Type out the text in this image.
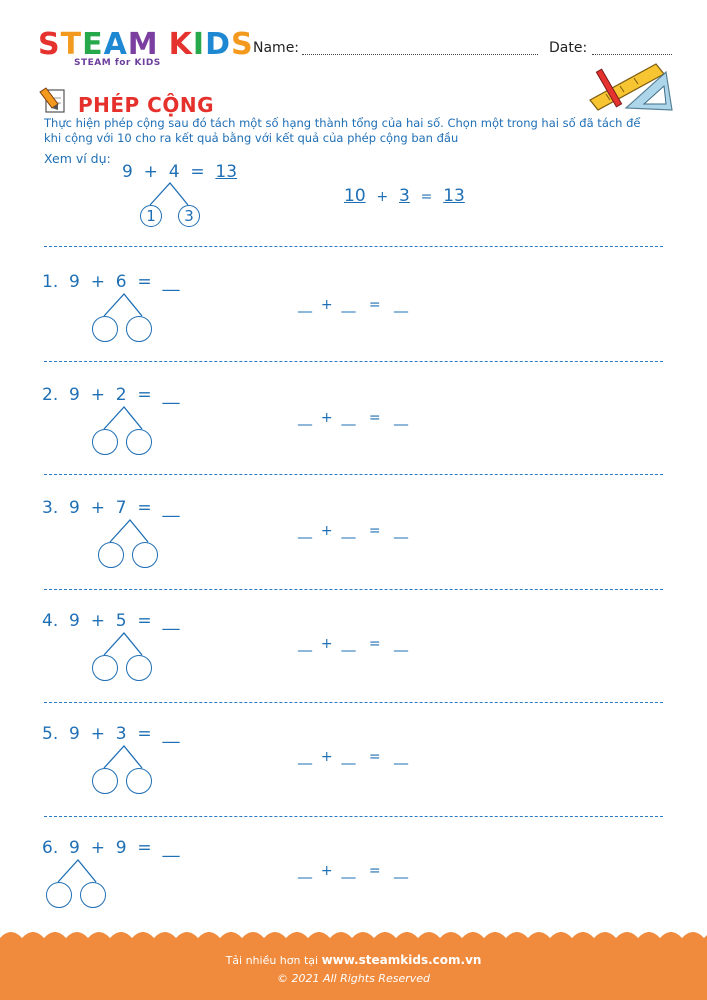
STEAM KIDS
STEAM for KIDS
Name:	Date:
PHÉP CỘNG
Thực hiện phép cộng sau đó tách một số hạng thành tổng của hai số. Chọn một trong hai số đã tách để khi cộng với 10 cho ra kết quả bằng với kết quả của phép cộng ban đầu
Xem ví dụ:
9 + 4 = 13
1	3
10 + 3 = 13
1. 9 + 6 = __
__ + __ = __
2. 9 + 2 = __
__ + __ = __
3. 9 + 7 = __
__ + __ = __
4. 9 + 5 = __
__ + __ = __
5. 9 + 3 = __
__ + __ = __
6. 9 + 9 = __
__ + __ = __
Tải nhiều hơn tại www.steamkids.com.vn
© 2021 All Rights Reserved
